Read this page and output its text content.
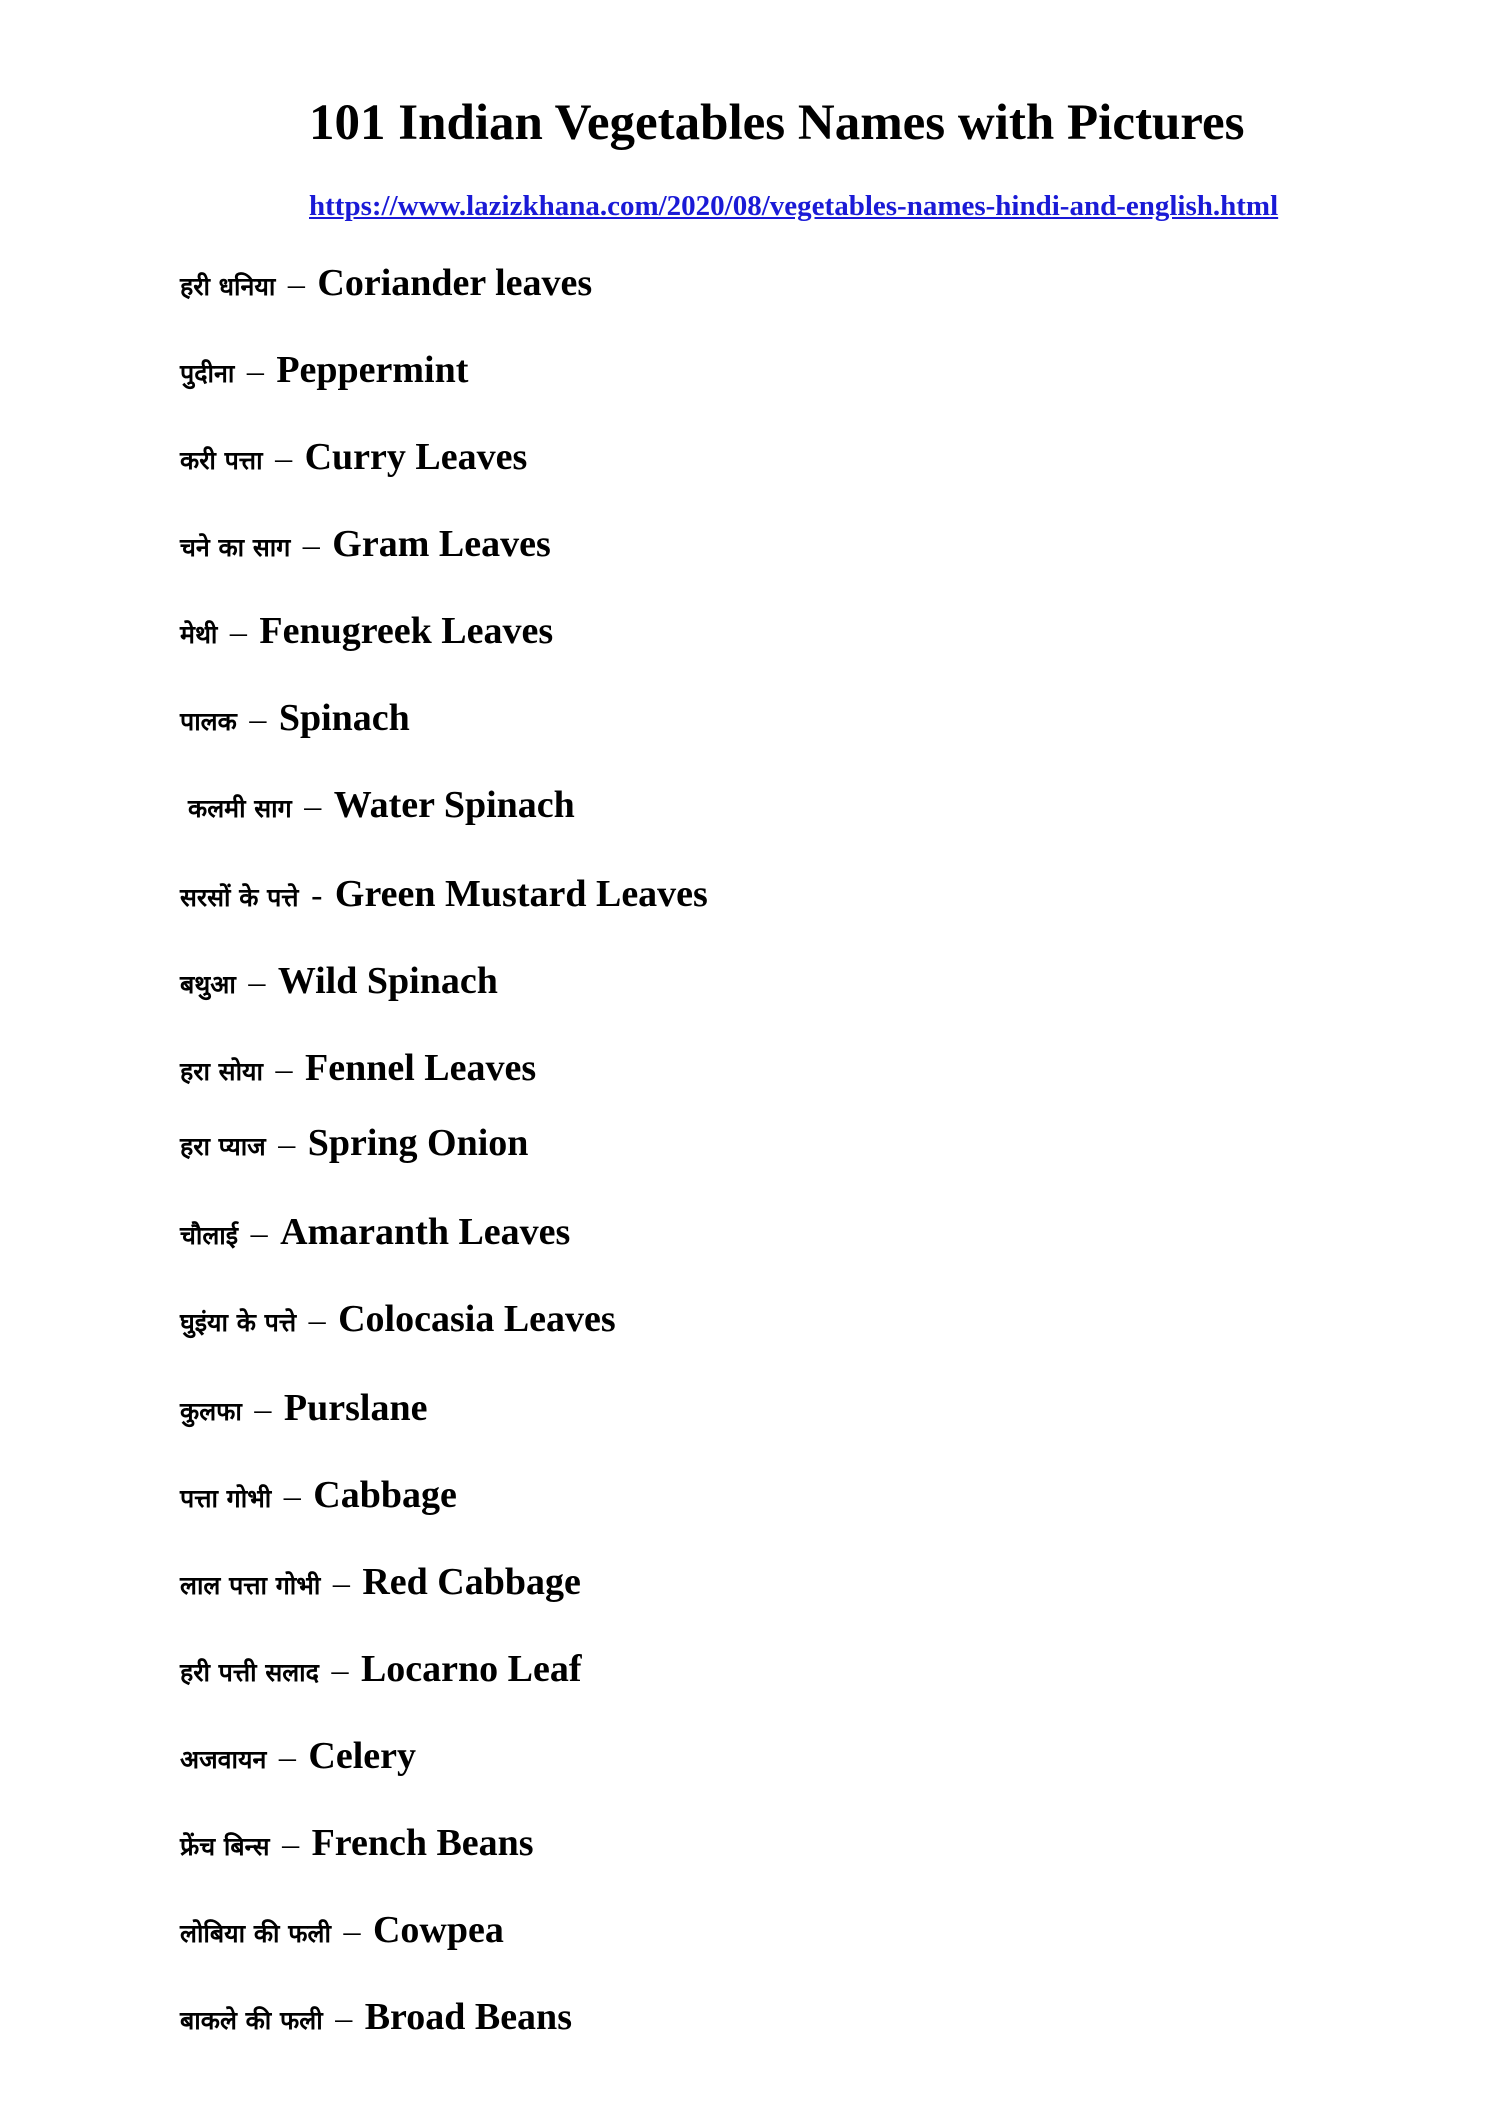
101 Indian Vegetables Names with Pictures
https://www.lazizkhana.com/2020/08/vegetables-names-hindi-and-english.html
हरी धनिया  –  Coriander leaves
पुदीना  –  Peppermint
करी पत्ता  –  Curry Leaves
चने का साग  –  Gram Leaves
मेथी  –  Fenugreek Leaves
पालक  –  Spinach
कलमी साग  –  Water Spinach
सरसों के पत्ते  -  Green Mustard Leaves
बथुआ  –  Wild Spinach
हरा सोया  –  Fennel Leaves
हरा प्याज  –  Spring Onion
चौलाई  –  Amaranth Leaves
घुइंया के पत्ते  –  Colocasia Leaves
कुलफा  –  Purslane
पत्ता गोभी  –  Cabbage
लाल पत्ता गोभी  –  Red Cabbage
हरी पत्ती सलाद  –  Locarno Leaf
अजवायन  –  Celery
फ्रेंच बिन्स  –  French Beans
लोबिया की फली  –  Cowpea
बाकले की फली  –  Broad Beans
